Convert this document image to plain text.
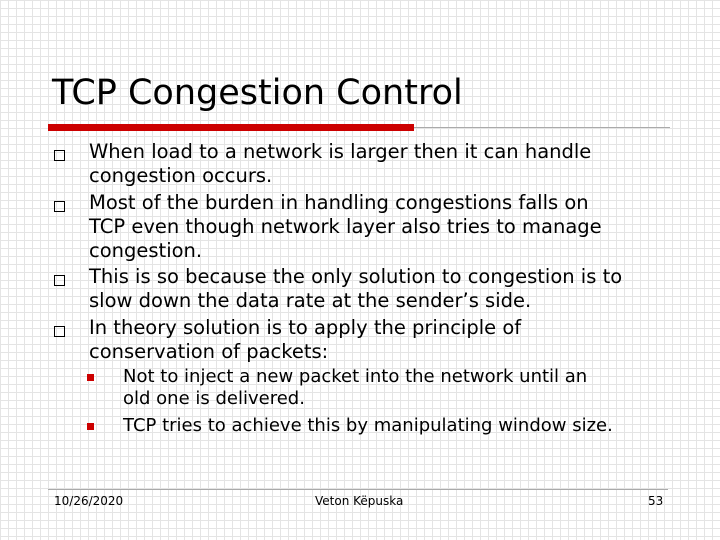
TCP Congestion Control
When load to a network is larger then it can handle
congestion occurs.
Most of the burden in handling congestions falls on
TCP even though network layer also tries to manage
congestion.
This is so because the only solution to congestion is to
slow down the data rate at the sender’s side.
In theory solution is to apply the principle of
conservation of packets:
Not to inject a new packet into the network until an
old one is delivered.
TCP tries to achieve this by manipulating window size.
10/26/2020	Veton Këpuska	53
